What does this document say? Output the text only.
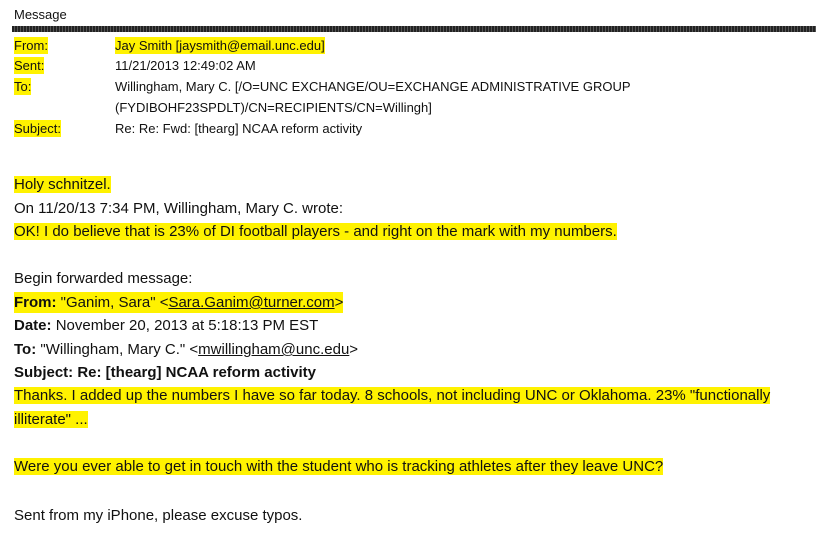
Message
From:	Jay Smith [jaysmith@email.unc.edu]
Sent:	11/21/2013 12:49:02 AM
To:	Willingham, Mary C. [/O=UNC EXCHANGE/OU=EXCHANGE ADMINISTRATIVE GROUP
(FYDIBOHF23SPDLT)/CN=RECIPIENTS/CN=Willingh]
Subject:	Re: Re: Fwd: [thearg] NCAA reform activity
Holy schnitzel.
On 11/20/13 7:34 PM, Willingham, Mary C. wrote:
OK! I do believe that is 23% of DI football players - and right on the mark with my numbers.
Begin forwarded message:
From: "Ganim, Sara" <Sara.Ganim@turner.com>
Date: November 20, 2013 at 5:18:13 PM EST
To: "Willingham, Mary C." <mwillingham@unc.edu>
Subject: Re: [thearg] NCAA reform activity
Thanks. I added up the numbers I have so far today. 8 schools, not including UNC or Oklahoma. 23% "functionally
illiterate" ...
Were you ever able to get in touch with the student who is tracking athletes after they leave UNC?
Sent from my iPhone, please excuse typos.
